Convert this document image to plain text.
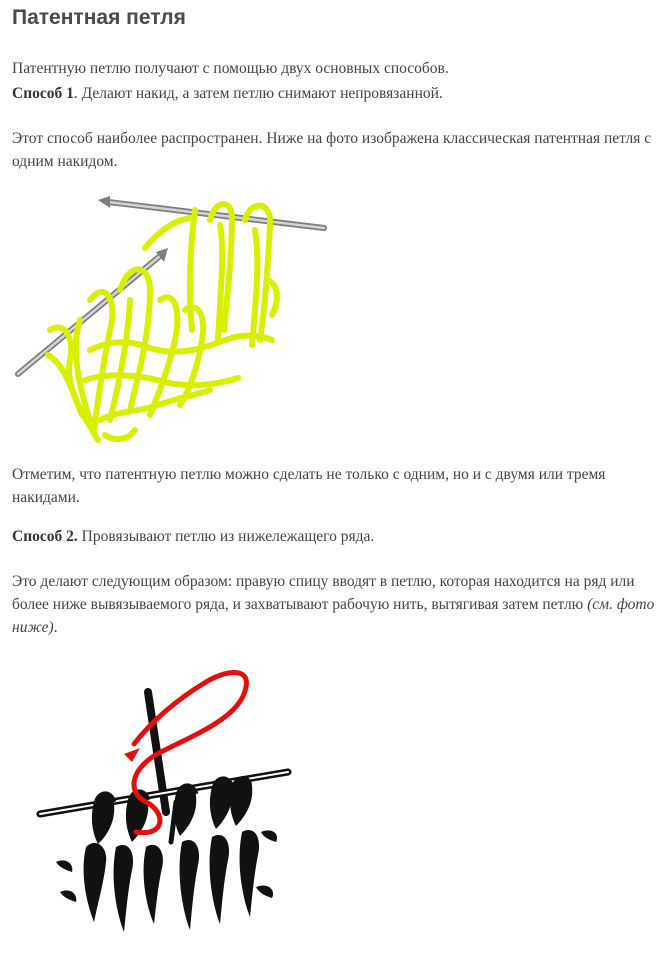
Патентная петля

Патентную петлю получают с помощью двух основных способов.

Способ 1. Делают накид, а затем петлю снимают непровязанной.

Этот способ наиболее распространен. Ниже на фото изображена классическая патентная петля с одним накидом.

Отметим, что патентную петлю можно сделать не только с одним, но и с двумя или тремя накидами.

Способ 2. Провязывают петлю из нижележащего ряда.

Это делают следующим образом: правую спицу вводят в петлю, которая находится на ряд или более ниже вывязываемого ряда, и захватывают рабочую нить, вытягивая затем петлю (см. фото ниже).
